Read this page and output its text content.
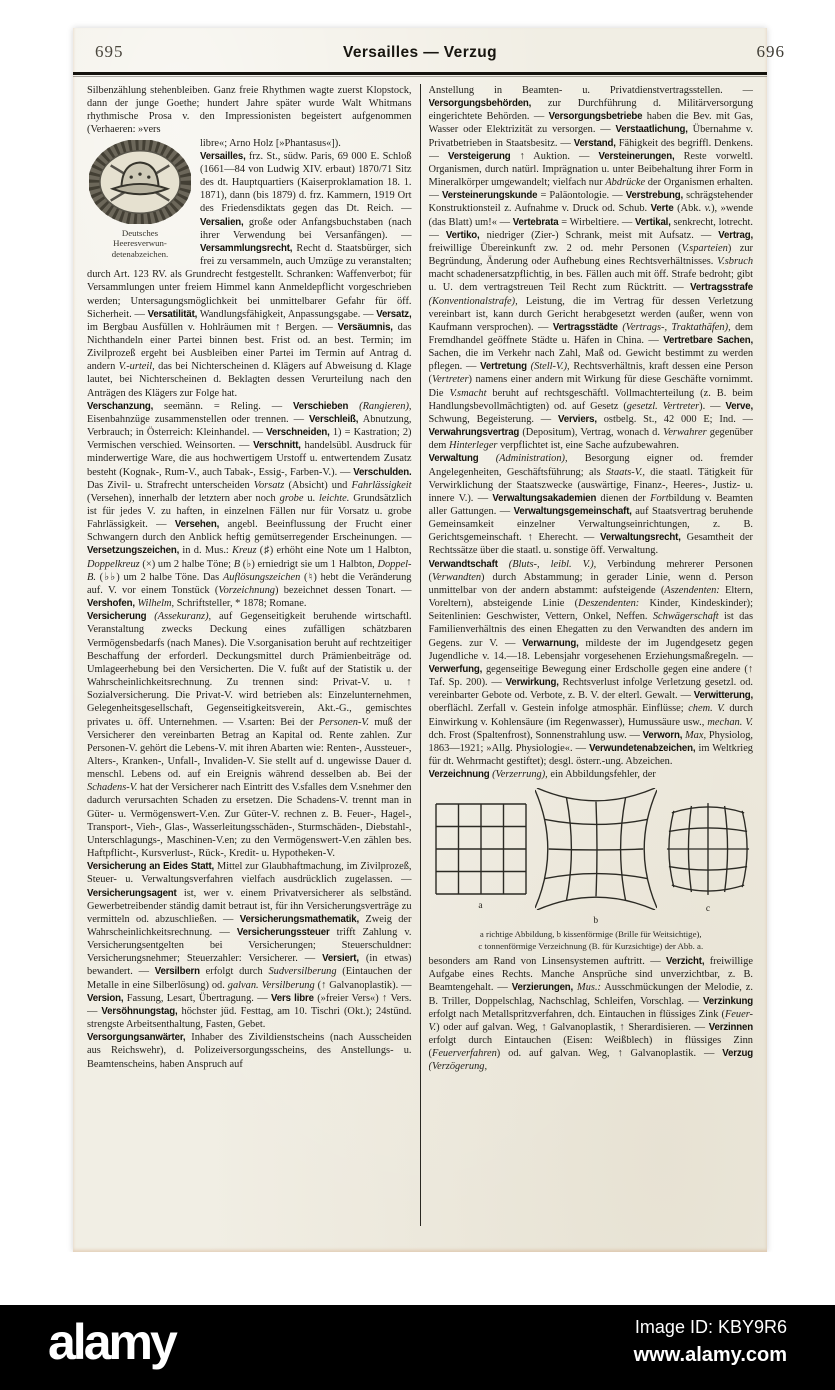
695	Versailles — Verzug	696

Silbenzählung stehenbleiben. Ganz freie Rhythmen wagte zuerst Klopstock, dann der junge Goethe; hundert Jahre später wurde Walt Whitmans rhythmische Prosa v. den Impressionisten begeistert aufgenommen (Verhaeren: »vers

Deutsches
Heeresverwun-
detenabzeichen.

libre«; Arno Holz [»Phantasus«]).

Versailles, frz. St., südw. Paris, 69 000 E. Schloß (1661—84 von Ludwig XIV. erbaut) 1870/71 Sitz des dt. Hauptquartiers (Kaiserproklamation 18. 1. 1871), dann (bis 1879) d. frz. Kammern, 1919 Ort des Friedensdiktats gegen das Dt. Reich. — Versalien, große oder Anfangsbuchstaben (nach ihrer Verwendung bei Versanfängen). — Versammlungsrecht, Recht d. Staatsbürger, sich frei zu versammeln, auch Umzüge zu veranstalten; durch Art. 123 RV. als Grundrecht festgestellt. Schranken: Waffenverbot; für Versammlungen unter freiem Himmel kann Anmeldepflicht vorgeschrieben werden; Untersagungsmöglichkeit bei unmittelbarer Gefahr für öff. Sicherheit. — Versatilität, Wandlungsfähigkeit, Anpassungsgabe. — Versatz, im Bergbau Ausfüllen v. Hohlräumen mit ↑ Bergen. — Versäumnis, das Nichthandeln einer Partei binnen best. Frist od. an best. Termin; im Zivilprozeß ergeht bei Ausbleiben einer Partei im Termin auf Antrag d. andern V.-urteil, das bei Nichterscheinen d. Klägers auf Abweisung d. Klage lautet, bei Nichterscheinen d. Beklagten dessen Verurteilung nach den Anträgen des Klägers zur Folge hat.

Verschanzung, seemänn. = Reling. — Verschieben (Rangieren), Eisenbahnzüge zusammenstellen oder trennen. — Verschleiß, Abnutzung, Verbrauch; in Österreich: Kleinhandel. — Verschneiden, 1) = Kastration; 2) Vermischen verschied. Weinsorten. — Verschnitt, handelsübl. Ausdruck für minderwertige Ware, die aus hochwertigem Urstoff u. entwertendem Zusatz besteht (Kognak-, Rum-V., auch Tabak-, Essig-, Farben-V.). — Verschulden. Das Zivil- u. Strafrecht unterscheiden Vorsatz (Absicht) und Fahrlässigkeit (Versehen), innerhalb der letztern aber noch grobe u. leichte. Grundsätzlich ist für jedes V. zu haften, in einzelnen Fällen nur für Vorsatz u. grobe Fahrlässigkeit. — Versehen, angebl. Beeinflussung der Frucht einer Schwangern durch den Anblick heftig gemütserregender Erscheinungen. — Versetzungszeichen, in d. Mus.: Kreuz (♯) erhöht eine Note um 1 Halbton, Doppelkreuz (×) um 2 halbe Töne; B (♭) erniedrigt sie um 1 Halbton, Doppel-B. (♭♭) um 2 halbe Töne. Das Auflösungszeichen (♮) hebt die Veränderung auf. V. vor einem Tonstück (Vorzeichnung) bezeichnet dessen Tonart. — Vershofen, Wilhelm, Schriftsteller, * 1878; Romane.

Versicherung (Assekuranz), auf Gegenseitigkeit beruhende wirtschaftl. Veranstaltung zwecks Deckung eines zufälligen schätzbaren Vermögensbedarfs (nach Manes). Die V.sorganisation beruht auf rechtzeitiger Beschaffung der erforderl. Deckungsmittel durch Prämienbeiträge od. Umlageerhebung bei den Versicherten. Die V. fußt auf der Statistik u. der Wahrscheinlichkeitsrechnung. Zu trennen sind: Privat-V. u. ↑ Sozialversicherung. Die Privat-V. wird betrieben als: Einzelunternehmen, Gelegenheitsgesellschaft, Gegenseitigkeitsverein, Akt.-G., gemischtes privates u. öff. Unternehmen. — V.sarten: Bei der Personen-V. muß der Versicherer den vereinbarten Betrag an Kapital od. Rente zahlen. Zur Personen-V. gehört die Lebens-V. mit ihren Abarten wie: Renten-, Aussteuer-, Alters-, Kranken-, Unfall-, Invaliden-V. Sie stellt auf d. ungewisse Dauer d. menschl. Lebens od. auf ein Ereignis während desselben ab. Bei der Schadens-V. hat der Versicherer nach Eintritt des V.sfalles dem V.snehmer den dadurch verursachten Schaden zu ersetzen. Die Schadens-V. trennt man in Güter- u. Vermögenswert-V.en. Zur Güter-V. rechnen z. B. Feuer-, Hagel-, Transport-, Vieh-, Glas-, Wasserleitungsschäden-, Sturmschäden-, Diebstahl-, Unterschlagungs-, Maschinen-V.en; zu den Vermögenswert-V.en zählen bes. Haftpflicht-, Kursverlust-, Rück-, Kredit- u. Hypotheken-V.

Versicherung an Eides Statt, Mittel zur Glaubhaftmachung, im Zivilprozeß, Steuer- u. Verwaltungsverfahren vielfach ausdrücklich zugelassen. — Versicherungsagent ist, wer v. einem Privatversicherer als selbständ. Gewerbetreibender ständig damit betraut ist, für ihn Versicherungsverträge zu vermitteln od. abzuschließen. — Versicherungsmathematik, Zweig der Wahrscheinlichkeitsrechnung. — Versicherungssteuer trifft Zahlung v. Versicherungsentgelten bei Versicherungen; Steuerschuldner: Versicherungsnehmer; Steuerzahler: Versicherer. — Versiert, (in etwas) bewandert. — Versilbern erfolgt durch Sudversilberung (Eintauchen der Metalle in eine Silberlösung) od. galvan. Versilberung (↑ Galvanoplastik). — Version, Fassung, Lesart, Übertragung. — Vers libre (»freier Vers«) ↑ Vers. — Versöhnungstag, höchster jüd. Festtag, am 10. Tischri (Okt.); 24stünd. strengste Arbeitsenthaltung, Fasten, Gebet.

Versorgungsanwärter, Inhaber des Zivildienstscheins (nach Ausscheiden aus Reichswehr), d. Polizeiversorgungsscheins, des Anstellungs- u. Beamtenscheins, haben Anspruch auf

Anstellung in Beamten- u. Privatdienstvertragsstellen. — Versorgungsbehörden, zur Durchführung d. Militärversorgung eingerichtete Behörden. — Versorgungsbetriebe haben die Bev. mit Gas, Wasser oder Elektrizität zu versorgen. — Verstaatlichung, Übernahme v. Privatbetrieben in Staatsbesitz. — Verstand, Fähigkeit des begriffl. Denkens. — Versteigerung ↑ Auktion. — Versteinerungen, Reste vorweltl. Organismen, durch natürl. Imprägnation u. unter Beibehaltung ihrer Form in Mineralkörper umgewandelt; vielfach nur Abdrücke der Organismen erhalten. — Versteinerungskunde = Paläontologie. — Verstrebung, schrägstehender Konstruktionsteil z. Aufnahme v. Druck od. Schub. Verte (Abk. v.), »wende (das Blatt) um!« — Vertebrata = Wirbeltiere. — Vertikal, senkrecht, lotrecht. — Vertiko, niedriger (Zier-) Schrank, meist mit Aufsatz. — Vertrag, freiwillige Übereinkunft zw. 2 od. mehr Personen (V.sparteien) zur Begründung, Änderung oder Aufhebung eines Rechtsverhältnisses. V.sbruch macht schadenersatzpflichtig, in bes. Fällen auch mit öff. Strafe bedroht; gibt u. U. dem vertragstreuen Teil Recht zum Rücktritt. — Vertragsstrafe (Konventionalstrafe), Leistung, die im Vertrag für dessen Verletzung vereinbart ist, kann durch Gericht herabgesetzt werden (außer, wenn von Kaufmann versprochen). — Vertragsstädte (Vertrags-, Traktathäfen), dem Fremdhandel geöffnete Städte u. Häfen in China. — Vertretbare Sachen, Sachen, die im Verkehr nach Zahl, Maß od. Gewicht bestimmt zu werden pflegen. — Vertretung (Stell-V.), Rechtsverhältnis, kraft dessen eine Person (Vertreter) namens einer andern mit Wirkung für diese Geschäfte vornimmt. Die V.smacht beruht auf rechtsgeschäftl. Vollmachterteilung (z. B. beim Handlungsbevollmächtigten) od. auf Gesetz (gesetzl. Vertreter). — Verve, Schwung, Begeisterung. — Verviers, ostbelg. St., 42 000 E; Ind. — Verwahrungsvertrag (Depositum), Vertrag, wonach d. Verwahrer gegenüber dem Hinterleger verpflichtet ist, eine Sache aufzubewahren.

Verwaltung (Administration), Besorgung eigner od. fremder Angelegenheiten, Geschäftsführung; als Staats-V., die staatl. Tätigkeit für Verwirklichung der Staatszwecke (auswärtige, Finanz-, Heeres-, Justiz- u. innere V.). — Verwaltungsakademien dienen der Fortbildung v. Beamten aller Gattungen. — Verwaltungsgemeinschaft, auf Staatsvertrag beruhende Gemeinsamkeit einzelner Verwaltungseinrichtungen, z. B. Gerichtsgemeinschaft. ↑ Eherecht. — Verwaltungsrecht, Gesamtheit der Rechtssätze über die staatl. u. sonstige öff. Verwaltung.

Verwandtschaft (Bluts-, leibl. V.), Verbindung mehrerer Personen (Verwandten) durch Abstammung; in gerader Linie, wenn d. Person unmittelbar von der andern abstammt: aufsteigende (Aszendenten: Eltern, Voreltern), absteigende Linie (Deszendenten: Kinder, Kindeskinder); Seitenlinien: Geschwister, Vettern, Onkel, Neffen. Schwägerschaft ist das Familienverhältnis des einen Ehegatten zu den Verwandten des andern im Gegens. zur V. — Verwarnung, mildeste der im Jugendgesetz gegen Jugendliche v. 14.—18. Lebensjahr vorgesehenen Erziehungsmaßregeln. — Verwerfung, gegenseitige Bewegung einer Erdscholle gegen eine andere (↑ Taf. Sp. 200). — Verwirkung, Rechtsverlust infolge Verletzung gesetzl. od. vereinbarter Gebote od. Verbote, z. B. V. der elterl. Gewalt. — Verwitterung, oberflächl. Zerfall v. Gestein infolge atmosphär. Einflüsse; chem. V. durch Einwirkung v. Kohlensäure (im Regenwasser), Humussäure usw., mechan. V. dch. Frost (Spaltenfrost), Sonnenstrahlung usw. — Verworn, Max, Physiolog, 1863—1921; »Allg. Physiologie«. — Verwundetenabzeichen, im Weltkrieg für dt. Wehrmacht gestiftet); desgl. österr.-ung. Abzeichen.

Verzeichnung (Verzerrung), ein Abbildungsfehler, der

a
b
c
a richtige Abbildung, b kissenförmige (Brille für Weitsichtige),
c tonnenförmige Verzeichnung (B. für Kurzsichtige) der Abb. a.

besonders am Rand von Linsensystemen auftritt. — Verzicht, freiwillige Aufgabe eines Rechts. Manche Ansprüche sind unverzichtbar, z. B. Beamtengehalt. — Verzierungen, Mus.: Ausschmückungen der Melodie, z. B. Triller, Doppelschlag, Nachschlag, Schleifen, Vorschlag. — Verzinkung erfolgt nach Metallspritzverfahren, dch. Eintauchen in flüssiges Zink (Feuer-V.) oder auf galvan. Weg, ↑ Galvanoplastik, ↑ Sherardisieren. — Verzinnen erfolgt durch Eintauchen (Eisen: Weißblech) in flüssiges Zinn (Feuerverfahren) od. auf galvan. Weg, ↑ Galvanoplastik. — Verzug (Verzögerung,

alamy	Image ID: KBY9R6
www.alamy.com
